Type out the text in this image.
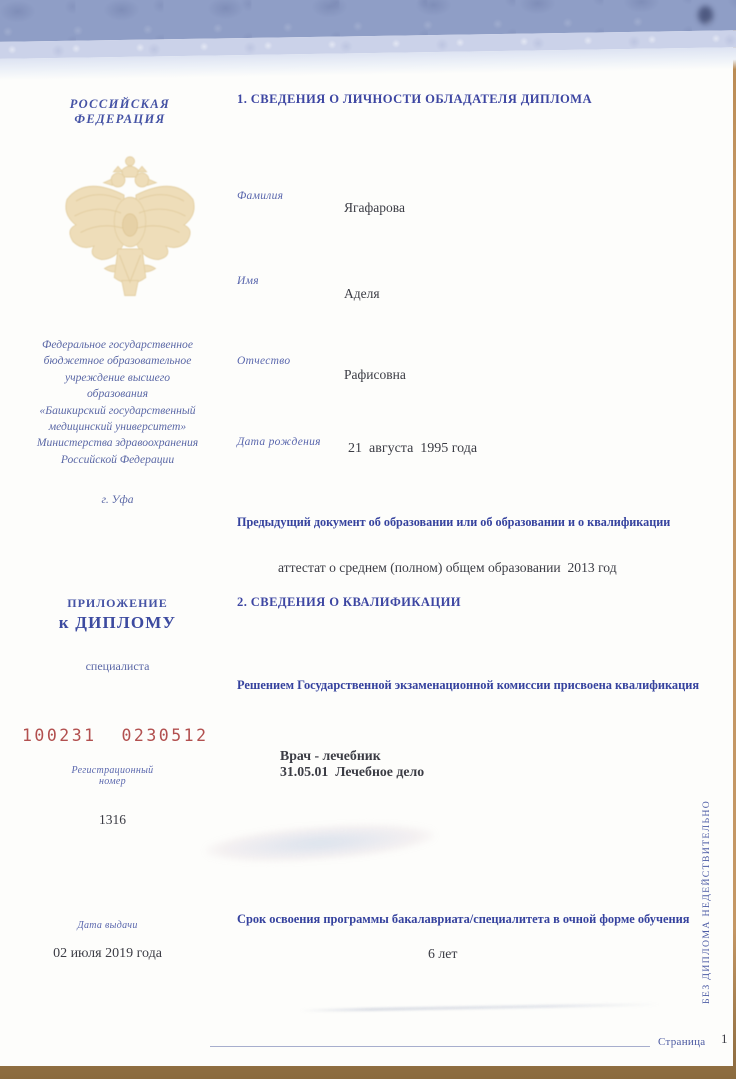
РОССИЙСКАЯ
ФЕДЕРАЦИЯ
Федеральное государственное
бюджетное образовательное
учреждение высшего
образования
«Башкирский государственный
медицинский университет»
Министерства здравоохранения
Российской Федерации
г. Уфа
ПРИЛОЖЕНИЕ
к ДИПЛОМУ
специалиста
100231  0230512
Регистрационный
номер
1316
Дата выдачи
02 июля 2019 года
1. СВЕДЕНИЯ О ЛИЧНОСТИ ОБЛАДАТЕЛЯ ДИПЛОМА
Фамилия
Ягафарова
Имя
Аделя
Отчество
Рафисовна
Дата рождения 21  августа  1995 года
Предыдущий документ об образовании или об образовании и о квалификации
аттестат о среднем (полном) общем образовании  2013 год
2. СВЕДЕНИЯ О КВАЛИФИКАЦИИ
Решением Государственной экзаменационной комиссии присвоена квалификация
Врач - лечебник
31.05.01  Лечебное дело
Срок освоения программы бакалавриата/специалитета в очной форме обучения
6 лет	БЕЗ ДИПЛОМА НЕДЕЙСТВИТЕЛЬНО
Страница 1
